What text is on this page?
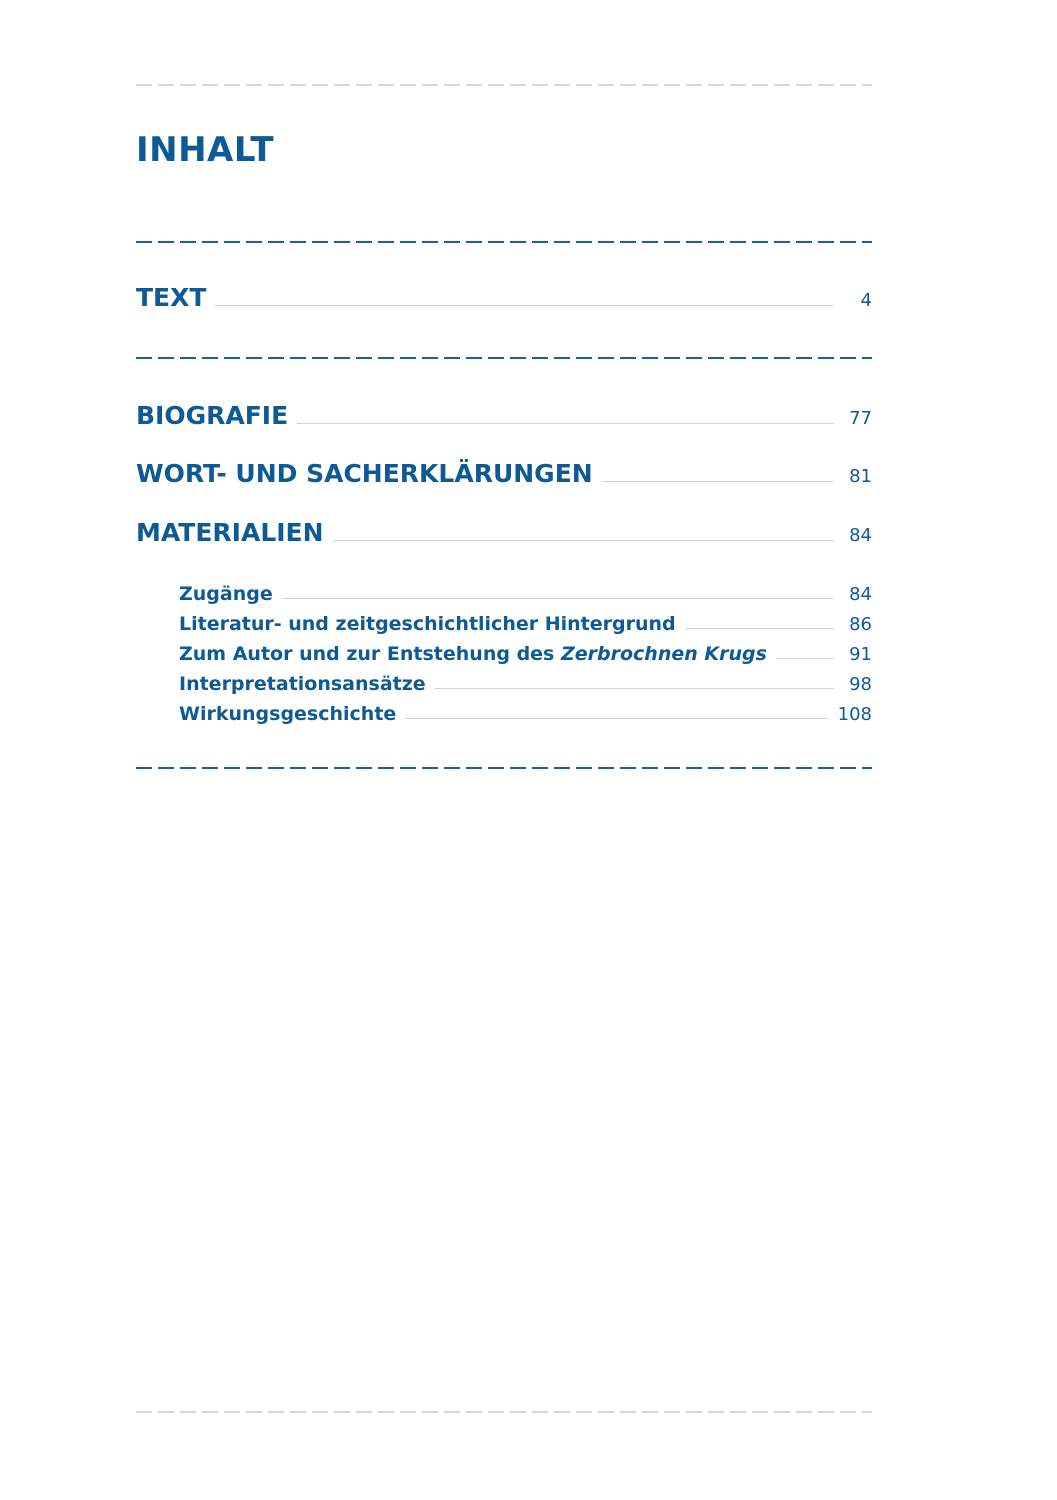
INHALT
TEXT	4
BIOGRAFIE	77
WORT- UND SACHERKLÄRUNGEN	81
MATERIALIEN	84
Zugänge	84
Literatur- und zeitgeschichtlicher Hintergrund	86
Zum Autor und zur Entstehung des Zerbrochnen Krugs	91
Interpretationsansätze	98
Wirkungsgeschichte	108
